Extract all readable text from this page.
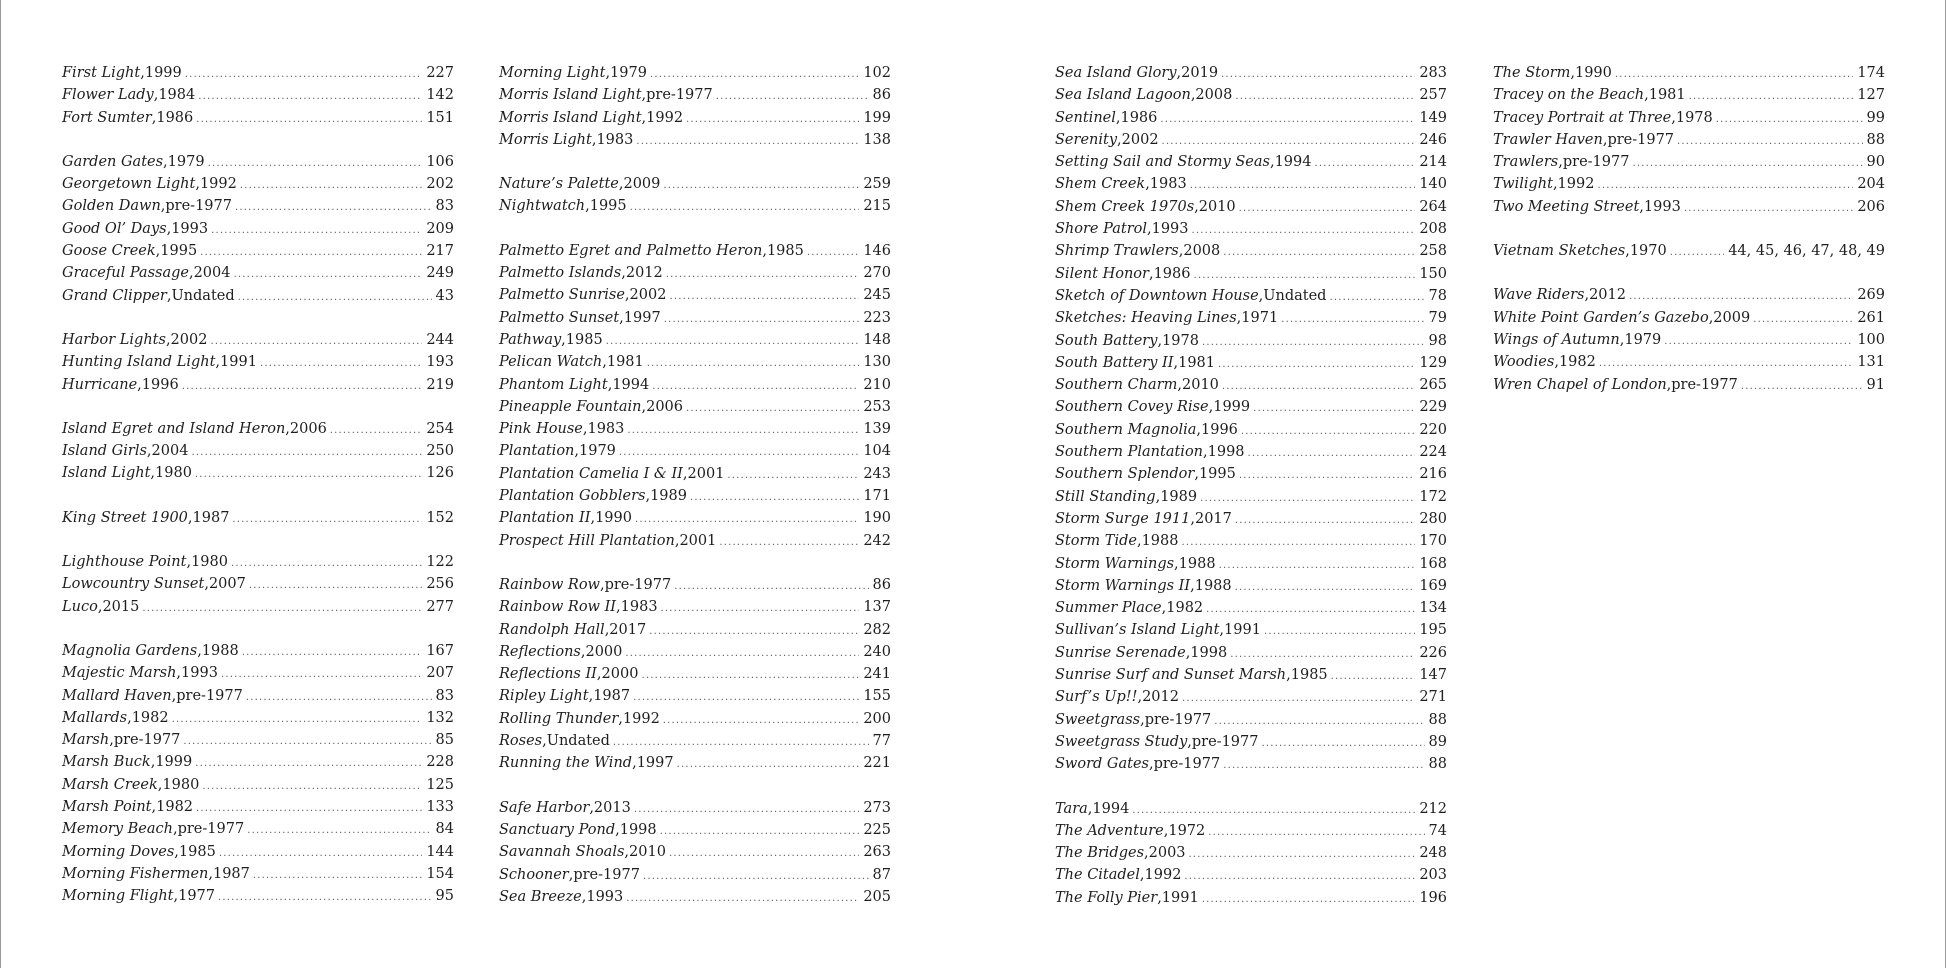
First Light , 1999 .....	227
Flower Lady , 1984 .....	142
Fort Sumter , 1986 .....	151
Garden Gates , 1979 .....	106
Georgetown Light , 1992 .....	202
Golden Dawn , pre-1977 .....	83
Good Ol’ Days , 1993 .....	209
Goose Creek , 1995 .....	217
Graceful Passage , 2004 .....	249
Grand Clipper , Undated .....	43
Harbor Lights , 2002 .....	244
Hunting Island Light , 1991 .....	193
Hurricane , 1996 .....	219
Island Egret and Island Heron , 2006 .....	254
Island Girls , 2004 .....	250
Island Light , 1980 .....	126
King Street 1900 , 1987 .....	152
Lighthouse Point , 1980 .....	122
Lowcountry Sunset , 2007 .....	256
Luco , 2015 .....	277
Magnolia Gardens , 1988 .....	167
Majestic Marsh , 1993 .....	207
Mallard Haven , pre-1977 .....	83
Mallards , 1982 .....	132
Marsh , pre-1977 .....	85
Marsh Buck , 1999 .....	228
Marsh Creek , 1980 .....	125
Marsh Point , 1982 .....	133
Memory Beach , pre-1977 .....	84
Morning Doves , 1985 .....	144
Morning Fishermen , 1987 .....	154
Morning Flight , 1977 .....	95
Morning Light , 1979 .....	102
Morris Island Light , pre-1977 .....	86
Morris Island Light , 1992 .....	199
Morris Light , 1983 .....	138
Nature’s Palette , 2009 .....	259
Nightwatch , 1995 .....	215
Palmetto Egret and Palmetto Heron , 1985 .....	146
Palmetto Islands , 2012 .....	270
Palmetto Sunrise , 2002 .....	245
Palmetto Sunset , 1997 .....	223
Pathway , 1985 .....	148
Pelican Watch , 1981 .....	130
Phantom Light , 1994 .....	210
Pineapple Fountain , 2006 .....	253
Pink House , 1983 .....	139
Plantation , 1979 .....	104
Plantation Camelia I & II , 2001 .....	243
Plantation Gobblers , 1989 .....	171
Plantation II , 1990 .....	190
Prospect Hill Plantation , 2001 .....	242
Rainbow Row , pre-1977 .....	86
Rainbow Row II , 1983 .....	137
Randolph Hall , 2017 .....	282
Reflections , 2000 .....	240
Reflections II , 2000 .....	241
Ripley Light , 1987 .....	155
Rolling Thunder , 1992 .....	200
Roses , Undated .....	77
Running the Wind , 1997 .....	221
Safe Harbor , 2013 .....	273
Sanctuary Pond , 1998 .....	225
Savannah Shoals , 2010 .....	263
Schooner , pre-1977 .....	87
Sea Breeze , 1993 .....	205
Sea Island Glory , 2019 .....	283
Sea Island Lagoon , 2008 .....	257
Sentinel , 1986 .....	149
Serenity , 2002 .....	246
Setting Sail and Stormy Seas , 1994 .....	214
Shem Creek , 1983 .....	140
Shem Creek 1970s , 2010 .....	264
Shore Patrol , 1993 .....	208
Shrimp Trawlers , 2008 .....	258
Silent Honor , 1986 .....	150
Sketch of Downtown House , Undated .....	78
Sketches: Heaving Lines , 1971 .....	79
South Battery , 1978 .....	98
South Battery II , 1981 .....	129
Southern Charm , 2010 .....	265
Southern Covey Rise , 1999 .....	229
Southern Magnolia , 1996 .....	220
Southern Plantation , 1998 .....	224
Southern Splendor , 1995 .....	216
Still Standing , 1989 .....	172
Storm Surge 1911 , 2017 .....	280
Storm Tide , 1988 .....	170
Storm Warnings , 1988 .....	168
Storm Warnings II , 1988 .....	169
Summer Place , 1982 .....	134
Sullivan’s Island Light , 1991 .....	195
Sunrise Serenade , 1998 .....	226
Sunrise Surf and Sunset Marsh , 1985 .....	147
Surf’s Up!! , 2012 .....	271
Sweetgrass , pre-1977 .....	88
Sweetgrass Study , pre-1977 .....	89
Sword Gates , pre-1977 .....	88
Tara , 1994 .....	212
The Adventure , 1972 .....	74
The Bridges , 2003 .....	248
The Citadel , 1992 .....	203
The Folly Pier , 1991 .....	196
The Storm , 1990 .....	174
Tracey on the Beach , 1981 .....	127
Tracey Portrait at Three , 1978 .....	99
Trawler Haven , pre-1977 .....	88
Trawlers , pre-1977 .....	90
Twilight , 1992 .....	204
Two Meeting Street , 1993 .....	206
Vietnam Sketches , 1970 .....	44, 45, 46, 47, 48, 49
Wave Riders , 2012 .....	269
White Point Garden’s Gazebo , 2009 .....	261
Wings of Autumn , 1979 .....	100
Woodies , 1982 .....	131
Wren Chapel of London , pre-1977 .....	91
